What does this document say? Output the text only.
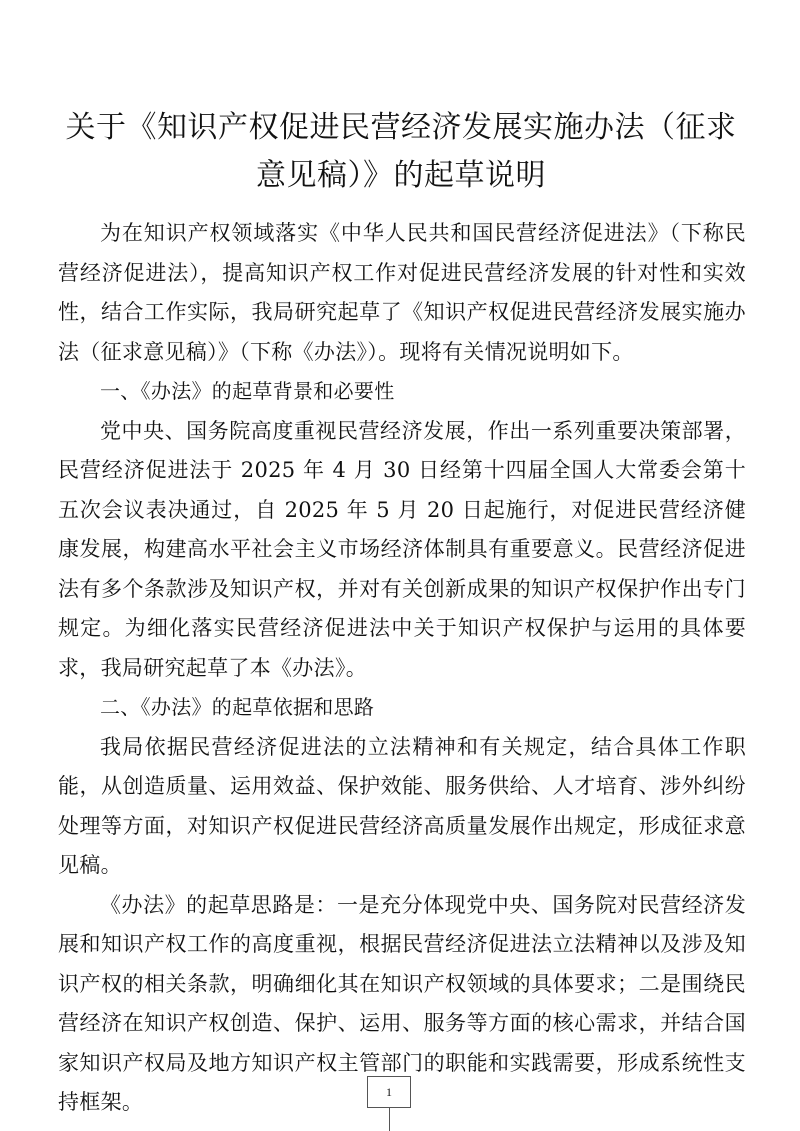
关于《知识产权促进民营经济发展实施办法（征求意见稿）》的起草说明

为在知识产权领域落实《中华人民共和国民营经济促进法》（下称民营经济促进法），提高知识产权工作对促进民营经济发展的针对性和实效性，结合工作实际，我局研究起草了《知识产权促进民营经济发展实施办法（征求意见稿）》（下称《办法》）。现将有关情况说明如下。

一、《办法》的起草背景和必要性

党中央、国务院高度重视民营经济发展，作出一系列重要决策部署，民营经济促进法于 2025 年 4 月 30 日经第十四届全国人大常委会第十五次会议表决通过，自 2025 年 5 月 20 日起施行，对促进民营经济健康发展，构建高水平社会主义市场经济体制具有重要意义。民营经济促进法有多个条款涉及知识产权，并对有关创新成果的知识产权保护作出专门规定。为细化落实民营经济促进法中关于知识产权保护与运用的具体要求，我局研究起草了本《办法》。

二、《办法》的起草依据和思路

我局依据民营经济促进法的立法精神和有关规定，结合具体工作职能，从创造质量、运用效益、保护效能、服务供给、人才培育、涉外纠纷处理等方面，对知识产权促进民营经济高质量发展作出规定，形成征求意见稿。

《办法》的起草思路是：一是充分体现党中央、国务院对民营经济发展和知识产权工作的高度重视，根据民营经济促进法立法精神以及涉及知识产权的相关条款，明确细化其在知识产权领域的具体要求；二是围绕民营经济在知识产权创造、保护、运用、服务等方面的核心需求，并结合国家知识产权局及地方知识产权主管部门的职能和实践需要，形成系统性支持框架。	1
